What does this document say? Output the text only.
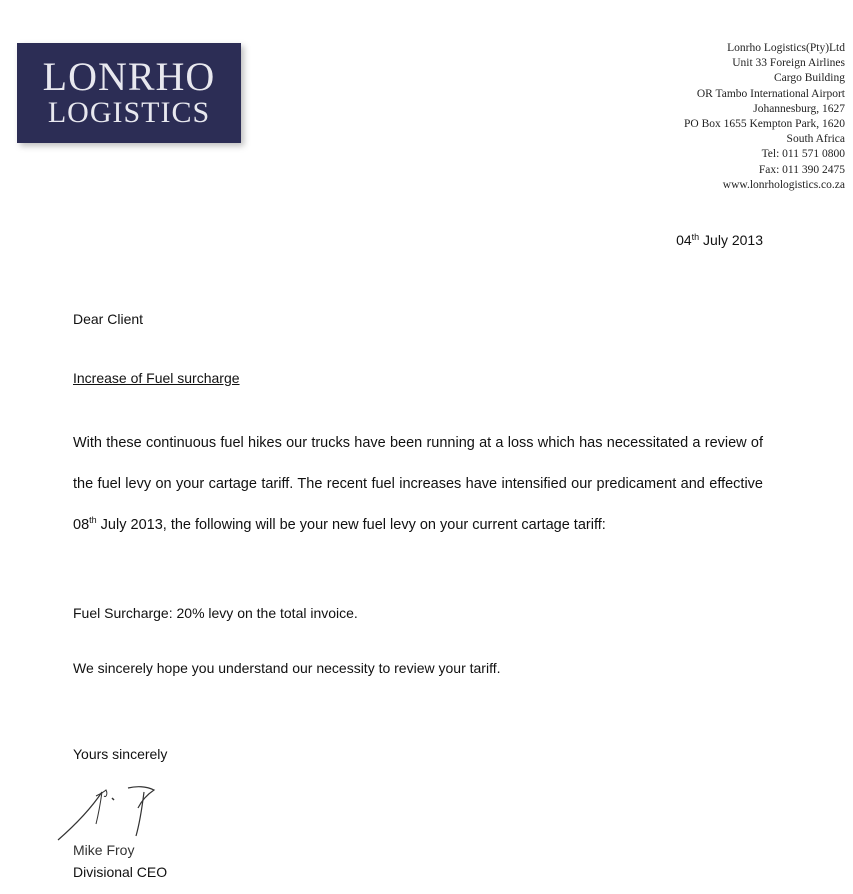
LONRHO
LOGISTICS
Lonrho Logistics(Pty)Ltd
Unit 33 Foreign Airlines
Cargo Building
OR Tambo International Airport
Johannesburg, 1627
PO Box 1655 Kempton Park, 1620
South Africa
Tel: 011 571 0800
Fax: 011 390 2475
www.lonrhologistics.co.za
04th July 2013
Dear Client
Increase of Fuel surcharge
With these continuous fuel hikes our trucks have been running at a loss which has necessitated a review of the fuel levy on your cartage tariff. The recent fuel increases have intensified our predicament and effective 08th July 2013, the following will be your new fuel levy on your current cartage tariff:
Fuel Surcharge: 20% levy on the total invoice.
We sincerely hope you understand our necessity to review your tariff.
Yours sincerely
Mike Froy
Divisional CEO
